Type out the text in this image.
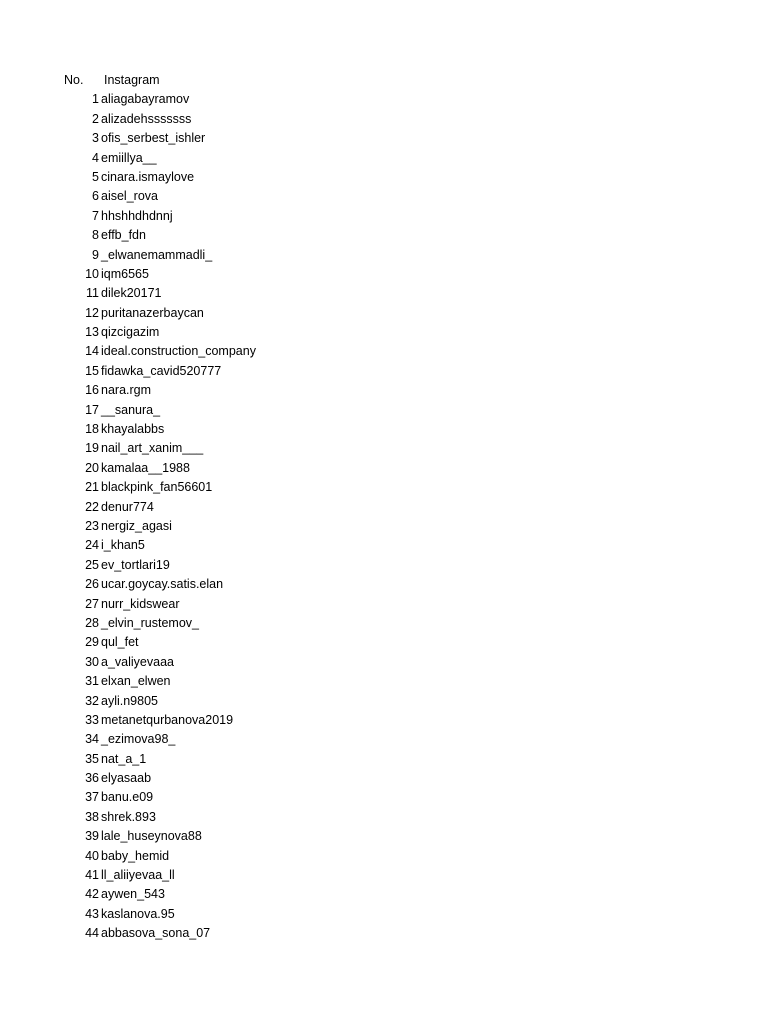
No.	Instagram
1 aliagabayramov
2 alizadehsssssss
3 ofis_serbest_ishler
4 emiillya__
5 cinara.ismaylove
6 aisel_rova
7 hhshhdhdnnj
8 effb_fdn
9 _elwanemammadli_
10 iqm6565
11 dilek20171
12 puritanazerbaycan
13 qizcigazim
14 ideal.construction_company
15 fidawka_cavid520777
16 nara.rgm
17 __sanura_
18 khayalabbs
19 nail_art_xanim___
20 kamalaa__1988
21 blackpink_fan56601
22 denur774
23 nergiz_agasi
24 i_khan5
25 ev_tortlari19
26 ucar.goycay.satis.elan
27 nurr_kidswear
28 _elvin_rustemov_
29 qul_fet
30 a_valiyevaaa
31 elxan_elwen
32 ayli.n9805
33 metanetqurbanova2019
34 _ezimova98_
35 nat_a_1
36 elyasaab
37 banu.e09
38 shrek.893
39 lale_huseynova88
40 baby_hemid
41 ll_aliiyevaa_ll
42 aywen_543
43 kaslanova.95
44 abbasova_sona_07
